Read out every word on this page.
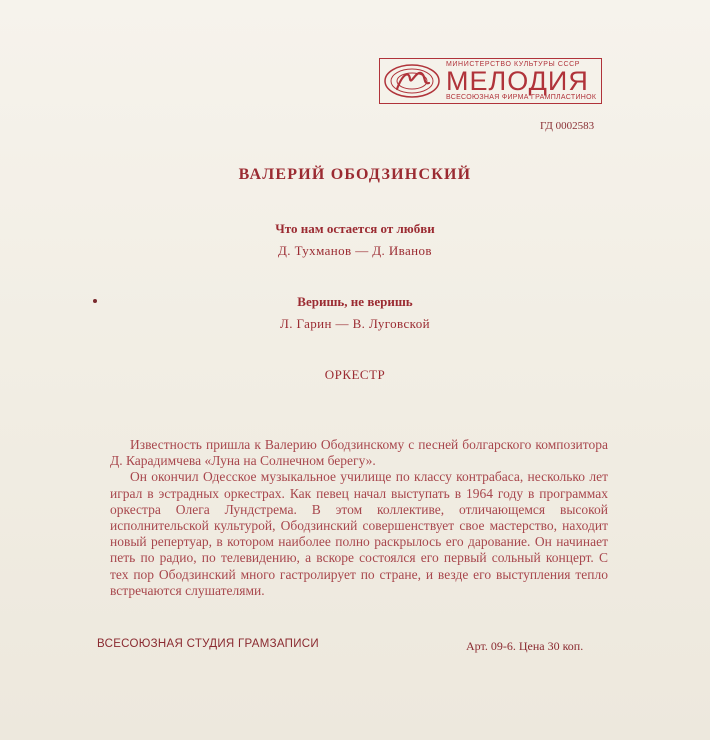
МИНИСТЕРСТВО КУЛЬТУРЫ СССР
МЕЛОДИЯ
ВСЕСОЮЗНАЯ ФИРМА ГРАМПЛАСТИНОК
ГД 0002583
ВАЛЕРИЙ ОБОДЗИНСКИЙ
Что нам остается от любви
Д. Тухманов — Д. Иванов
Веришь, не веришь
Л. Гарин — В. Луговской
ОРКЕСТР

Известность пришла к Валерию Ободзинскому с песней болгарского композитора Д. Карадимчева «Луна на Солнечном берегу».

Он окончил Одесское музыкальное училище по классу контрабаса, несколько лет играл в эстрадных оркестрах. Как певец начал выступать в 1964 году в программах оркестра Олега Лундстрема. В этом коллективе, отличающемся высокой исполнительской культурой, Ободзинский совершенствует свое мастерство, находит новый репертуар, в котором наиболее полно раскрылось его дарование. Он начинает петь по радио, по телевидению, а вскоре состоялся его первый сольный концерт. С тех пор Ободзинский много гастролирует по стране, и везде его выступления тепло встречаются слушателями.

ВСЕСОЮЗНАЯ СТУДИЯ ГРАМЗАПИСИ	Арт. 09-6. Цена 30 коп.
